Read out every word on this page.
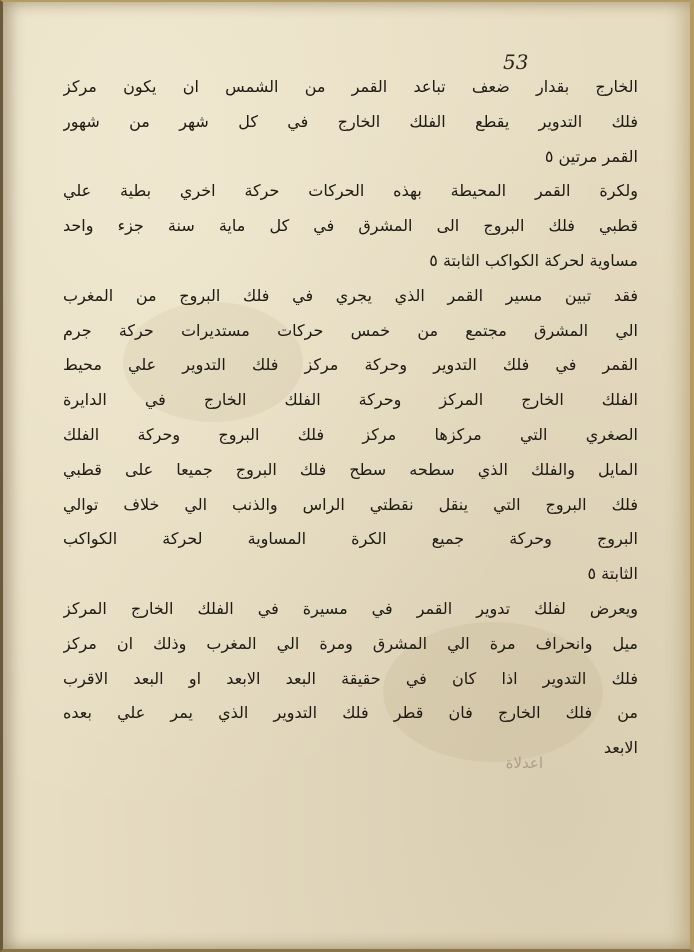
53
الخارج بقدار ضعف تباعد القمر من الشمس ان يكون مركز
فلك التدوير يقطع الفلك الخارج في كل شهر من شهور
القمر مرتين ٥
ولكرة القمر المحيطة بهذه الحركات حركة اخري بطية علي
قطبي فلك البروج الى المشرق في كل ماية سنة جزء واحد
مساوية لحركة الكواكب الثابتة ٥
فقد تبين مسير القمر الذي يجري في فلك البروج من المغرب
الي المشرق مجتمع من خمس حركات مستديرات حركة جرم
القمر في فلك التدوير وحركة مركز فلك التدوير علي محيط
الفلك الخارج المركز وحركة الفلك الخارج في الدايرة
الصغري التي مركزها مركز فلك البروج وحركة الفلك
المايل والفلك الذي سطحه سطح فلك البروج جميعا على قطبي
فلك البروج التي ينقل نقطتي الراس والذنب الي خلاف توالي
البروج وحركة جميع الكرة المساوية لحركة الكواكب
الثابتة ٥
ويعرض لفلك تدوير القمر في مسيرة في الفلك الخارج المركز
ميل وانحراف مرة الي المشرق ومرة الي المغرب وذلك ان مركز
فلك التدوير اذا كان في حقيقة البعد الابعد او البعد الاقرب
من فلك الخارج فان قطر فلك التدوير الذي يمر علي بعده
الابعد
اعدلاة
